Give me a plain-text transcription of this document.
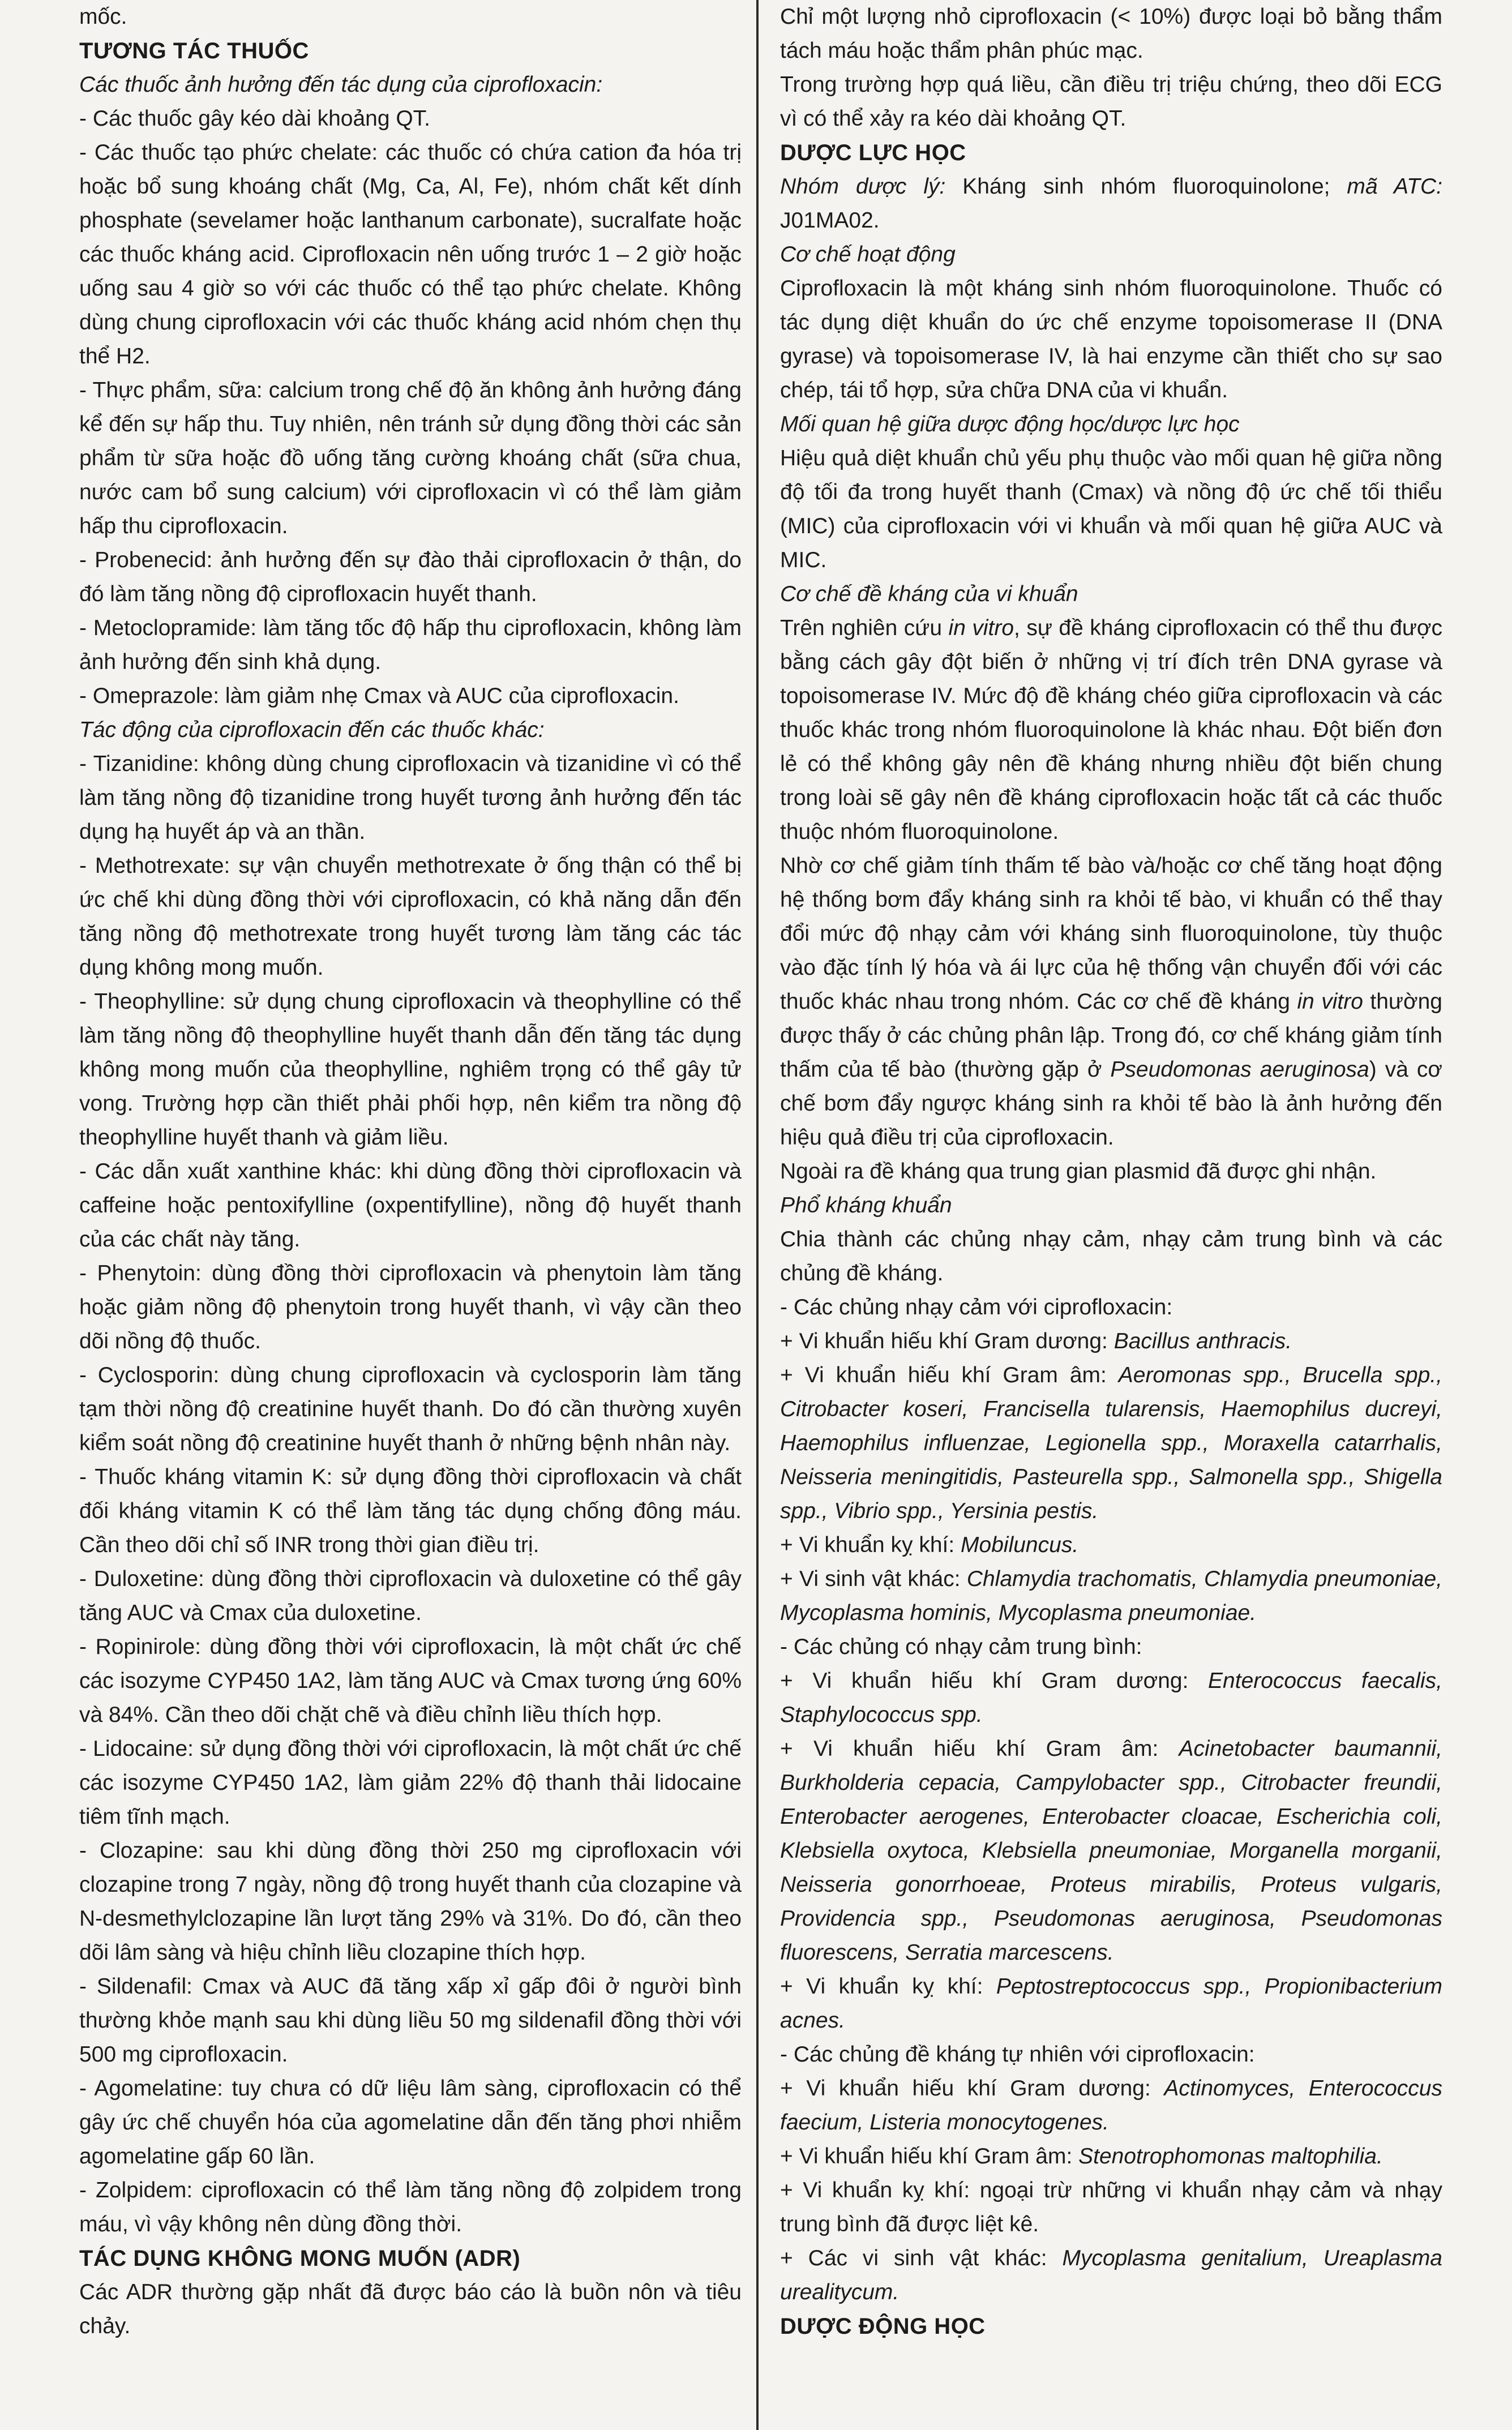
mốc.

TƯƠNG TÁC THUỐC

Các thuốc ảnh hưởng đến tác dụng của ciprofloxacin:

- Các thuốc gây kéo dài khoảng QT.

- Các thuốc tạo phức chelate: các thuốc có chứa cation đa hóa trị hoặc bổ sung khoáng chất (Mg, Ca, Al, Fe), nhóm chất kết dính phosphate (sevelamer hoặc lanthanum carbonate), sucralfate hoặc các thuốc kháng acid. Ciprofloxacin nên uống trước 1 – 2 giờ hoặc uống sau 4 giờ so với các thuốc có thể tạo phức chelate. Không dùng chung ciprofloxacin với các thuốc kháng acid nhóm chẹn thụ thể H2.

- Thực phẩm, sữa: calcium trong chế độ ăn không ảnh hưởng đáng kể đến sự hấp thu. Tuy nhiên, nên tránh sử dụng đồng thời các sản phẩm từ sữa hoặc đồ uống tăng cường khoáng chất (sữa chua, nước cam bổ sung calcium) với ciprofloxacin vì có thể làm giảm hấp thu ciprofloxacin.

- Probenecid: ảnh hưởng đến sự đào thải ciprofloxacin ở thận, do đó làm tăng nồng độ ciprofloxacin huyết thanh.

- Metoclopramide: làm tăng tốc độ hấp thu ciprofloxacin, không làm ảnh hưởng đến sinh khả dụng.

- Omeprazole: làm giảm nhẹ Cmax và AUC của ciprofloxacin.

Tác động của ciprofloxacin đến các thuốc khác:

- Tizanidine: không dùng chung ciprofloxacin và tizanidine vì có thể làm tăng nồng độ tizanidine trong huyết tương ảnh hưởng đến tác dụng hạ huyết áp và an thần.

- Methotrexate: sự vận chuyển methotrexate ở ống thận có thể bị ức chế khi dùng đồng thời với ciprofloxacin, có khả năng dẫn đến tăng nồng độ methotrexate trong huyết tương làm tăng các tác dụng không mong muốn.

- Theophylline: sử dụng chung ciprofloxacin và theophylline có thể làm tăng nồng độ theophylline huyết thanh dẫn đến tăng tác dụng không mong muốn của theophylline, nghiêm trọng có thể gây tử vong. Trường hợp cần thiết phải phối hợp, nên kiểm tra nồng độ theophylline huyết thanh và giảm liều.

- Các dẫn xuất xanthine khác: khi dùng đồng thời ciprofloxacin và caffeine hoặc pentoxifylline (oxpentifylline), nồng độ huyết thanh của các chất này tăng.

- Phenytoin: dùng đồng thời ciprofloxacin và phenytoin làm tăng hoặc giảm nồng độ phenytoin trong huyết thanh, vì vậy cần theo dõi nồng độ thuốc.

- Cyclosporin: dùng chung ciprofloxacin và cyclosporin làm tăng tạm thời nồng độ creatinine huyết thanh. Do đó cần thường xuyên kiểm soát nồng độ creatinine huyết thanh ở những bệnh nhân này.

- Thuốc kháng vitamin K: sử dụng đồng thời ciprofloxacin và chất đối kháng vitamin K có thể làm tăng tác dụng chống đông máu. Cần theo dõi chỉ số INR trong thời gian điều trị.

- Duloxetine: dùng đồng thời ciprofloxacin và duloxetine có thể gây tăng AUC và Cmax của duloxetine.

- Ropinirole: dùng đồng thời với ciprofloxacin, là một chất ức chế các isozyme CYP450 1A2, làm tăng AUC và Cmax tương ứng 60% và 84%. Cần theo dõi chặt chẽ và điều chỉnh liều thích hợp.

- Lidocaine: sử dụng đồng thời với ciprofloxacin, là một chất ức chế các isozyme CYP450 1A2, làm giảm 22% độ thanh thải lidocaine tiêm tĩnh mạch.

- Clozapine: sau khi dùng đồng thời 250 mg ciprofloxacin với clozapine trong 7 ngày, nồng độ trong huyết thanh của clozapine và N-desmethylclozapine lần lượt tăng 29% và 31%. Do đó, cần theo dõi lâm sàng và hiệu chỉnh liều clozapine thích hợp.

- Sildenafil: Cmax và AUC đã tăng xấp xỉ gấp đôi ở người bình thường khỏe mạnh sau khi dùng liều 50 mg sildenafil đồng thời với 500 mg ciprofloxacin.

- Agomelatine: tuy chưa có dữ liệu lâm sàng, ciprofloxacin có thể gây ức chế chuyển hóa của agomelatine dẫn đến tăng phơi nhiễm agomelatine gấp 60 lần.

- Zolpidem: ciprofloxacin có thể làm tăng nồng độ zolpidem trong máu, vì vậy không nên dùng đồng thời.

TÁC DỤNG KHÔNG MONG MUỐN (ADR)

Các ADR thường gặp nhất đã được báo cáo là buồn nôn và tiêu chảy.

Chỉ một lượng nhỏ ciprofloxacin (< 10%) được loại bỏ bằng thẩm tách máu hoặc thẩm phân phúc mạc.

Trong trường hợp quá liều, cần điều trị triệu chứng, theo dõi ECG vì có thể xảy ra kéo dài khoảng QT.

DƯỢC LỰC HỌC

Nhóm dược lý: Kháng sinh nhóm fluoroquinolone; mã ATC: J01MA02.

Cơ chế hoạt động

Ciprofloxacin là một kháng sinh nhóm fluoroquinolone. Thuốc có tác dụng diệt khuẩn do ức chế enzyme topoisomerase II (DNA gyrase) và topoisomerase IV, là hai enzyme cần thiết cho sự sao chép, tái tổ hợp, sửa chữa DNA của vi khuẩn.

Mối quan hệ giữa dược động học/dược lực học

Hiệu quả diệt khuẩn chủ yếu phụ thuộc vào mối quan hệ giữa nồng độ tối đa trong huyết thanh (Cmax) và nồng độ ức chế tối thiểu (MIC) của ciprofloxacin với vi khuẩn và mối quan hệ giữa AUC và MIC.

Cơ chế đề kháng của vi khuẩn

Trên nghiên cứu in vitro, sự đề kháng ciprofloxacin có thể thu được bằng cách gây đột biến ở những vị trí đích trên DNA gyrase và topoisomerase IV. Mức độ đề kháng chéo giữa ciprofloxacin và các thuốc khác trong nhóm fluoroquinolone là khác nhau. Đột biến đơn lẻ có thể không gây nên đề kháng nhưng nhiều đột biến chung trong loài sẽ gây nên đề kháng ciprofloxacin hoặc tất cả các thuốc thuộc nhóm fluoroquinolone.

Nhờ cơ chế giảm tính thấm tế bào và/hoặc cơ chế tăng hoạt động hệ thống bơm đẩy kháng sinh ra khỏi tế bào, vi khuẩn có thể thay đổi mức độ nhạy cảm với kháng sinh fluoroquinolone, tùy thuộc vào đặc tính lý hóa và ái lực của hệ thống vận chuyển đối với các thuốc khác nhau trong nhóm. Các cơ chế đề kháng in vitro thường được thấy ở các chủng phân lập. Trong đó, cơ chế kháng giảm tính thấm của tế bào (thường gặp ở Pseudomonas aeruginosa) và cơ chế bơm đẩy ngược kháng sinh ra khỏi tế bào là ảnh hưởng đến hiệu quả điều trị của ciprofloxacin.

Ngoài ra đề kháng qua trung gian plasmid đã được ghi nhận.

Phổ kháng khuẩn

Chia thành các chủng nhạy cảm, nhạy cảm trung bình và các chủng đề kháng.

- Các chủng nhạy cảm với ciprofloxacin:

+ Vi khuẩn hiếu khí Gram dương: Bacillus anthracis.

+ Vi khuẩn hiếu khí Gram âm: Aeromonas spp., Brucella spp., Citrobacter koseri, Francisella tularensis, Haemophilus ducreyi, Haemophilus influenzae, Legionella spp., Moraxella catarrhalis, Neisseria meningitidis, Pasteurella spp., Salmonella spp., Shigella spp., Vibrio spp., Yersinia pestis.

+ Vi khuẩn kỵ khí: Mobiluncus.

+ Vi sinh vật khác: Chlamydia trachomatis, Chlamydia pneumoniae, Mycoplasma hominis, Mycoplasma pneumoniae.

- Các chủng có nhạy cảm trung bình:

+ Vi khuẩn hiếu khí Gram dương: Enterococcus faecalis, Staphylococcus spp.

+ Vi khuẩn hiếu khí Gram âm: Acinetobacter baumannii, Burkholderia cepacia, Campylobacter spp., Citrobacter freundii, Enterobacter aerogenes, Enterobacter cloacae, Escherichia coli, Klebsiella oxytoca, Klebsiella pneumoniae, Morganella morganii, Neisseria gonorrhoeae, Proteus mirabilis, Proteus vulgaris, Providencia spp., Pseudomonas aeruginosa, Pseudomonas fluorescens, Serratia marcescens.

+ Vi khuẩn kỵ khí: Peptostreptococcus spp., Propionibacterium acnes.

- Các chủng đề kháng tự nhiên với ciprofloxacin:

+ Vi khuẩn hiếu khí Gram dương: Actinomyces, Enterococcus faecium, Listeria monocytogenes.

+ Vi khuẩn hiếu khí Gram âm: Stenotrophomonas maltophilia.

+ Vi khuẩn kỵ khí: ngoại trừ những vi khuẩn nhạy cảm và nhạy trung bình đã được liệt kê.

+ Các vi sinh vật khác: Mycoplasma genitalium, Ureaplasma urealitycum.

DƯỢC ĐỘNG HỌC
